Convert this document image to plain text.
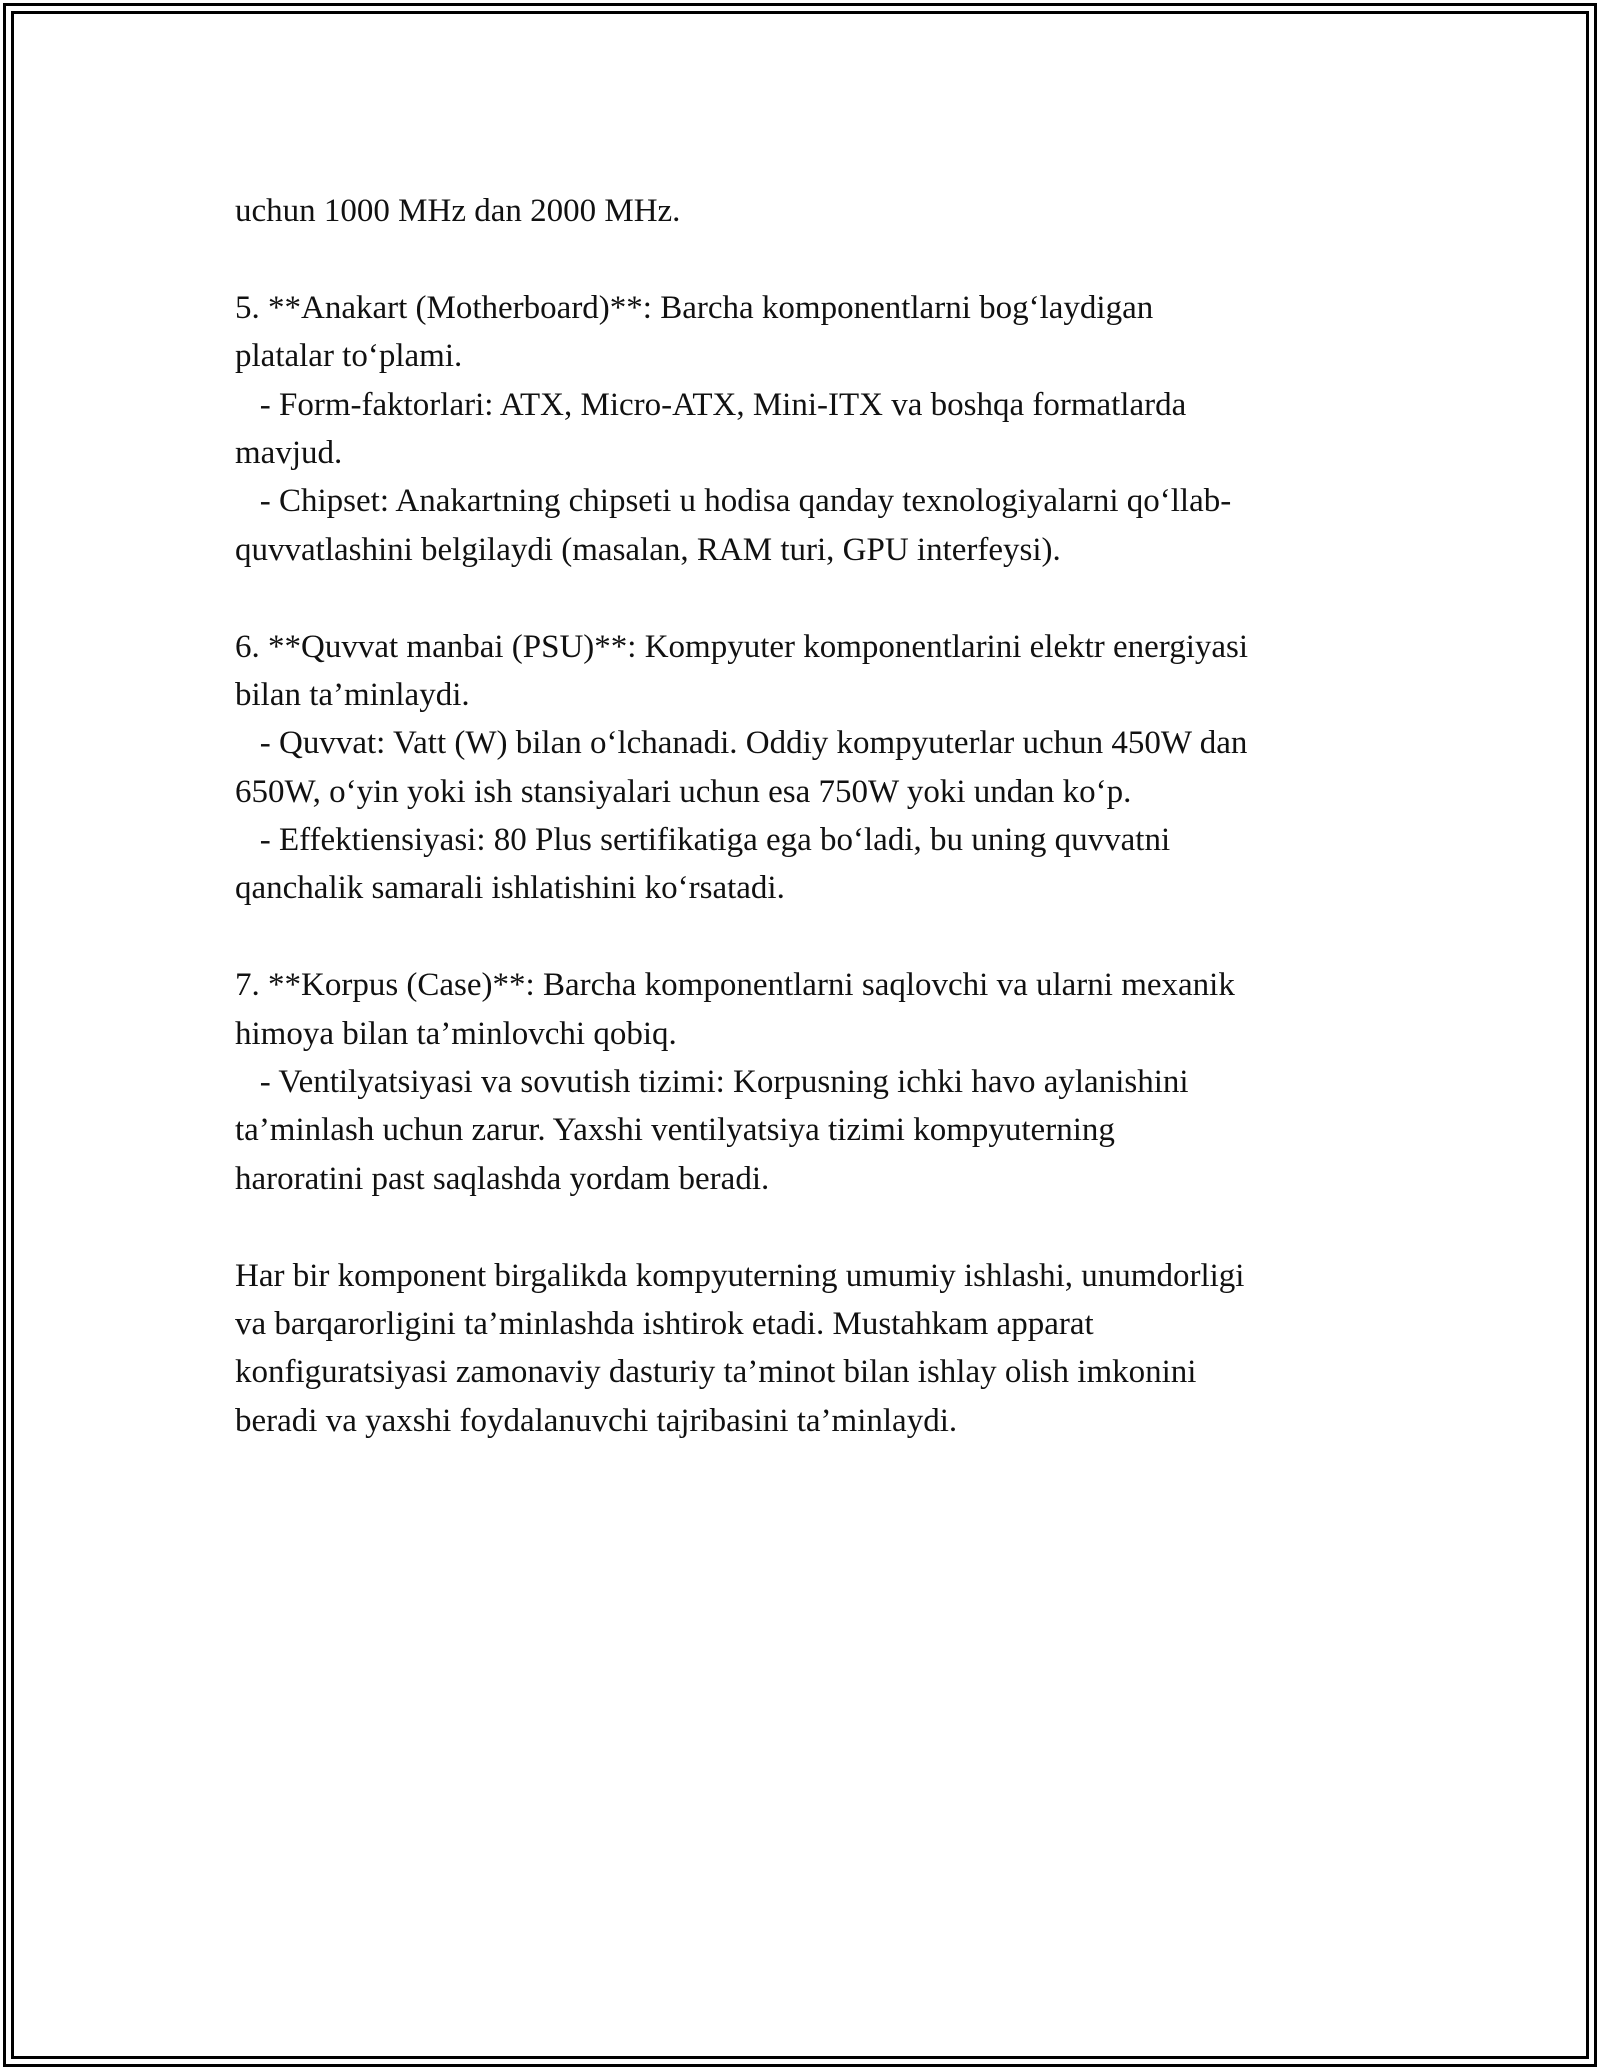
uchun 1000 MHz dan 2000 MHz.
5. **Anakart (Motherboard)**: Barcha komponentlarni bog‘laydigan
platalar to‘plami.
- Form-faktorlari: ATX, Micro-ATX, Mini-ITX va boshqa formatlarda
mavjud.
- Chipset: Anakartning chipseti u hodisa qanday texnologiyalarni qo‘llab-
quvvatlashini belgilaydi (masalan, RAM turi, GPU interfeysi).
6. **Quvvat manbai (PSU)**: Kompyuter komponentlarini elektr energiyasi
bilan ta’minlaydi.
- Quvvat: Vatt (W) bilan o‘lchanadi. Oddiy kompyuterlar uchun 450W dan
650W, o‘yin yoki ish stansiyalari uchun esa 750W yoki undan ko‘p.
- Effektiensiyasi: 80 Plus sertifikatiga ega bo‘ladi, bu uning quvvatni
qanchalik samarali ishlatishini ko‘rsatadi.
7. **Korpus (Case)**: Barcha komponentlarni saqlovchi va ularni mexanik
himoya bilan ta’minlovchi qobiq.
- Ventilyatsiyasi va sovutish tizimi: Korpusning ichki havo aylanishini
ta’minlash uchun zarur. Yaxshi ventilyatsiya tizimi kompyuterning
haroratini past saqlashda yordam beradi.
Har bir komponent birgalikda kompyuterning umumiy ishlashi, unumdorligi
va barqarorligini ta’minlashda ishtirok etadi. Mustahkam apparat
konfiguratsiyasi zamonaviy dasturiy ta’minot bilan ishlay olish imkonini
beradi va yaxshi foydalanuvchi tajribasini ta’minlaydi.
